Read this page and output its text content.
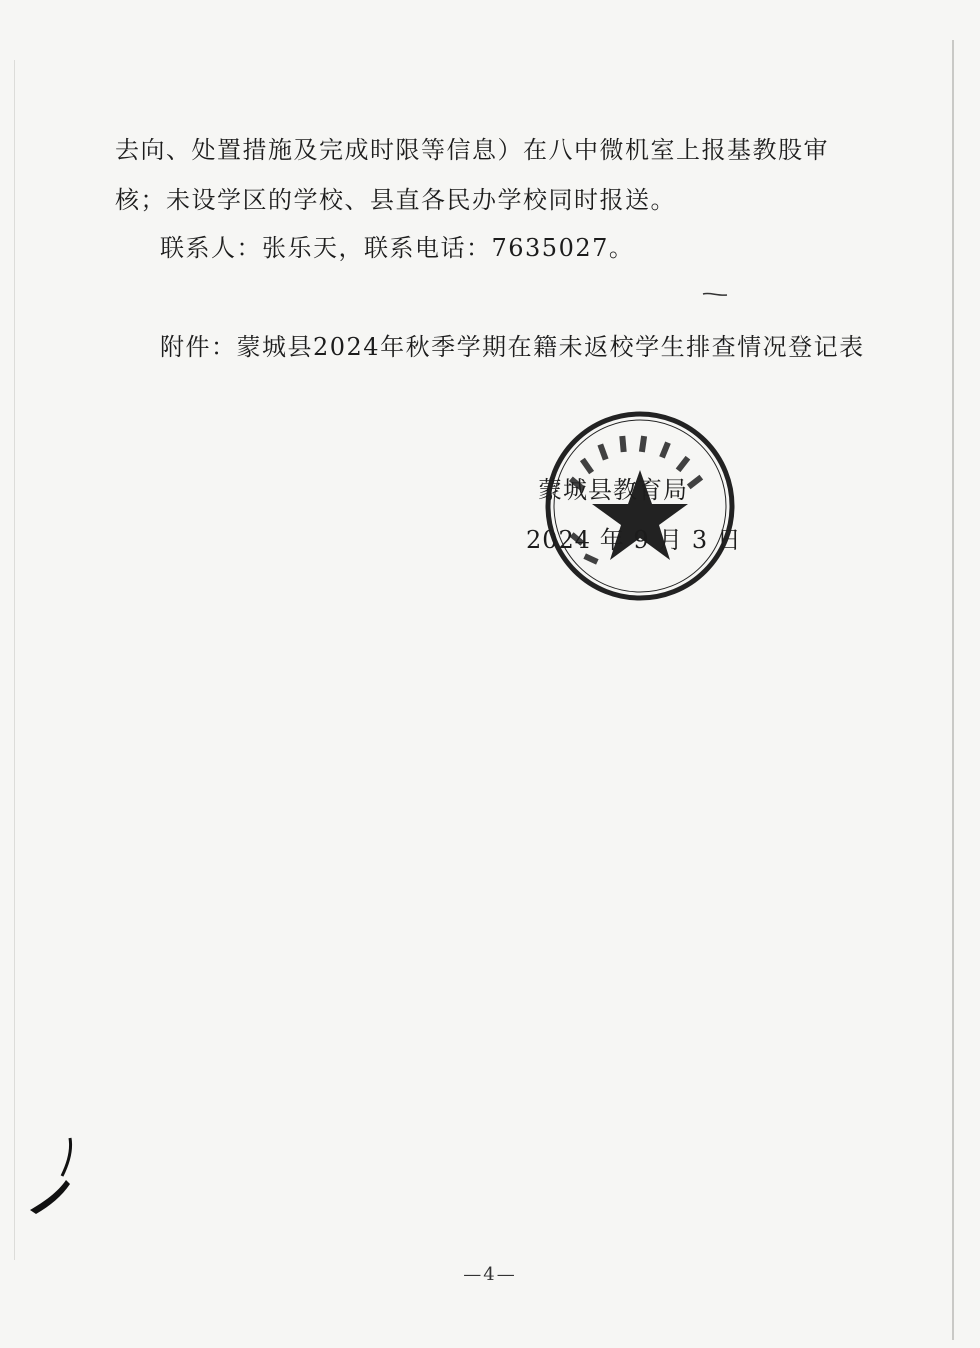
去向、处置措施及完成时限等信息）在八中微机室上报基教股审
核；未设学区的学校、县直各民办学校同时报送。
联系人：张乐天，联系电话：7635027。
附件：蒙城县2024年秋季学期在籍未返校学生排查情况登记表
蒙城县教育局
2024 年 9 月 3 日
—4—
